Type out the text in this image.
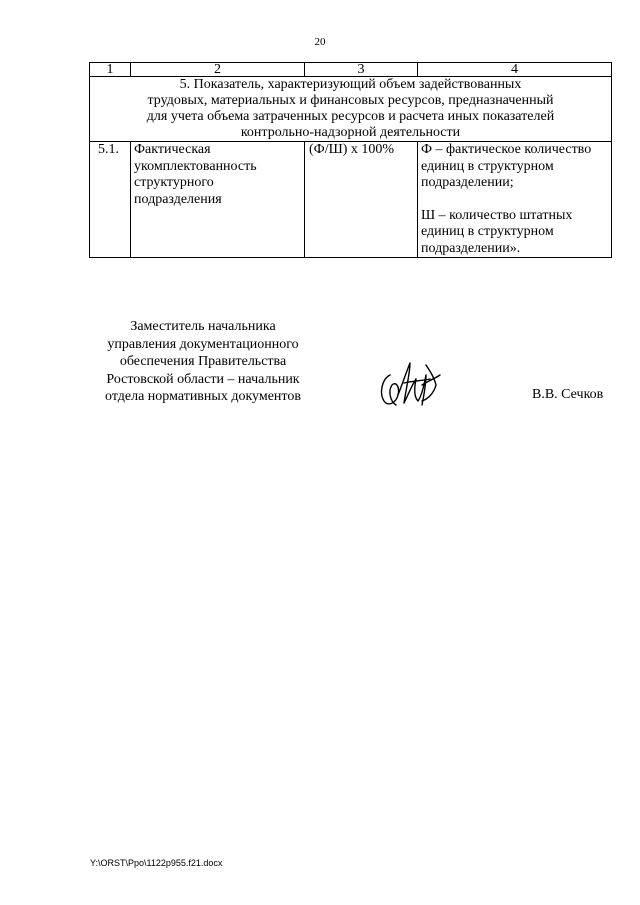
20
1	2	3	4

5. Показатель, характеризующий объем задействованных
трудовых, материальных и финансовых ресурсов, предназначенный
для учета объема затраченных ресурсов и расчета иных показателей
контрольно-надзорной деятельности			

5.1.	Фактическая укомплектованность структурного подразделения	(Ф/Ш) х 100%	Ф – фактическое количество единиц в структурном подразделении;

Ш – количество штатных единиц в структурном подразделении».

Заместитель начальника
управления документационного
обеспечения Правительства
Ростовской области – начальник
отдела нормативных документов	В.В. Сечков
Y:\ORST\Ppo\1122p955.f21.docx
